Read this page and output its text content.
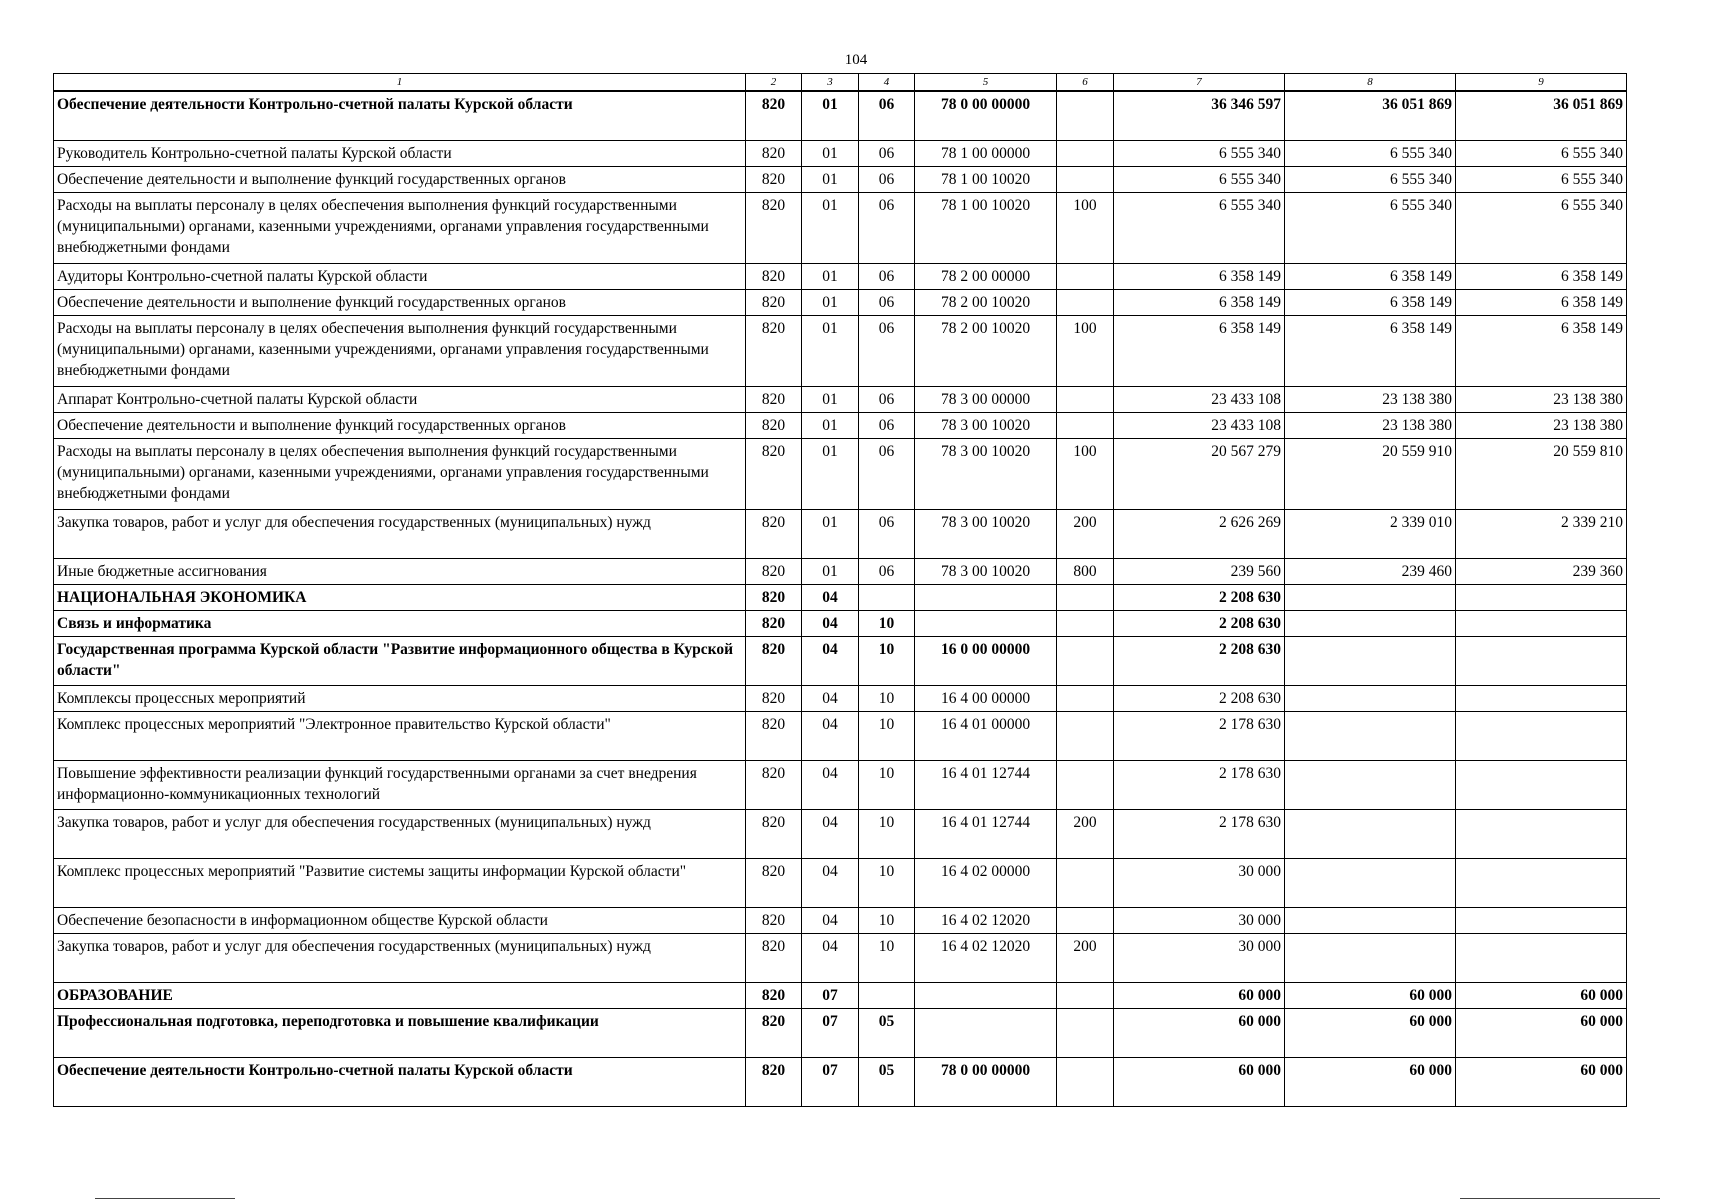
104
1	2	3	4	5	6	7	8	9
Обеспечение деятельности Контрольно-счетной палаты Курской области	820	01	06	78 0 00 00000		36 346 597	36 051 869	36 051 869
Руководитель Контрольно-счетной палаты Курской области	820	01	06	78 1 00 00000		6 555 340	6 555 340	6 555 340
Обеспечение деятельности и выполнение функций государственных органов	820	01	06	78 1 00 10020		6 555 340	6 555 340	6 555 340
Расходы на выплаты персоналу в целях обеспечения выполнения функций государственными (муниципальными) органами, казенными учреждениями, органами управления государственными внебюджетными фондами	820	01	06	78 1 00 10020	100	6 555 340	6 555 340	6 555 340
Аудиторы Контрольно-счетной палаты Курской области	820	01	06	78 2 00 00000		6 358 149	6 358 149	6 358 149
Обеспечение деятельности и выполнение функций государственных органов	820	01	06	78 2 00 10020		6 358 149	6 358 149	6 358 149
Расходы на выплаты персоналу в целях обеспечения выполнения функций государственными (муниципальными) органами, казенными учреждениями, органами управления государственными внебюджетными фондами	820	01	06	78 2 00 10020	100	6 358 149	6 358 149	6 358 149
Аппарат Контрольно-счетной палаты Курской области	820	01	06	78 3 00 00000		23 433 108	23 138 380	23 138 380
Обеспечение деятельности и выполнение функций государственных органов	820	01	06	78 3 00 10020		23 433 108	23 138 380	23 138 380
Расходы на выплаты персоналу в целях обеспечения выполнения функций государственными (муниципальными) органами, казенными учреждениями, органами управления государственными внебюджетными фондами	820	01	06	78 3 00 10020	100	20 567 279	20 559 910	20 559 810
Закупка товаров, работ и услуг для обеспечения государственных (муниципальных) нужд	820	01	06	78 3 00 10020	200	2 626 269	2 339 010	2 339 210
Иные бюджетные ассигнования	820	01	06	78 3 00 10020	800	239 560	239 460	239 360
НАЦИОНАЛЬНАЯ ЭКОНОМИКА	820	04				2 208 630		
Связь и информатика	820	04	10			2 208 630		
Государственная программа Курской области "Развитие информационного общества в Курской области"	820	04	10	16 0 00 00000		2 208 630		
Комплексы процессных мероприятий	820	04	10	16 4 00 00000		2 208 630		
Комплекс процессных мероприятий "Электронное правительство Курской области"	820	04	10	16 4 01 00000		2 178 630		
Повышение эффективности реализации функций государственными органами за счет внедрения информационно-коммуникационных технологий	820	04	10	16 4 01 12744		2 178 630		
Закупка товаров, работ и услуг для обеспечения государственных (муниципальных) нужд	820	04	10	16 4 01 12744	200	2 178 630		
Комплекс процессных мероприятий "Развитие системы защиты информации Курской области"	820	04	10	16 4 02 00000		30 000		
Обеспечение безопасности в информационном обществе Курской области	820	04	10	16 4 02 12020		30 000		
Закупка товаров, работ и услуг для обеспечения государственных (муниципальных) нужд	820	04	10	16 4 02 12020	200	30 000		
ОБРАЗОВАНИЕ	820	07				60 000	60 000	60 000
Профессиональная подготовка, переподготовка и повышение квалификации	820	07	05			60 000	60 000	60 000
Обеспечение деятельности Контрольно-счетной палаты Курской области	820	07	05	78 0 00 00000		60 000	60 000	60 000
